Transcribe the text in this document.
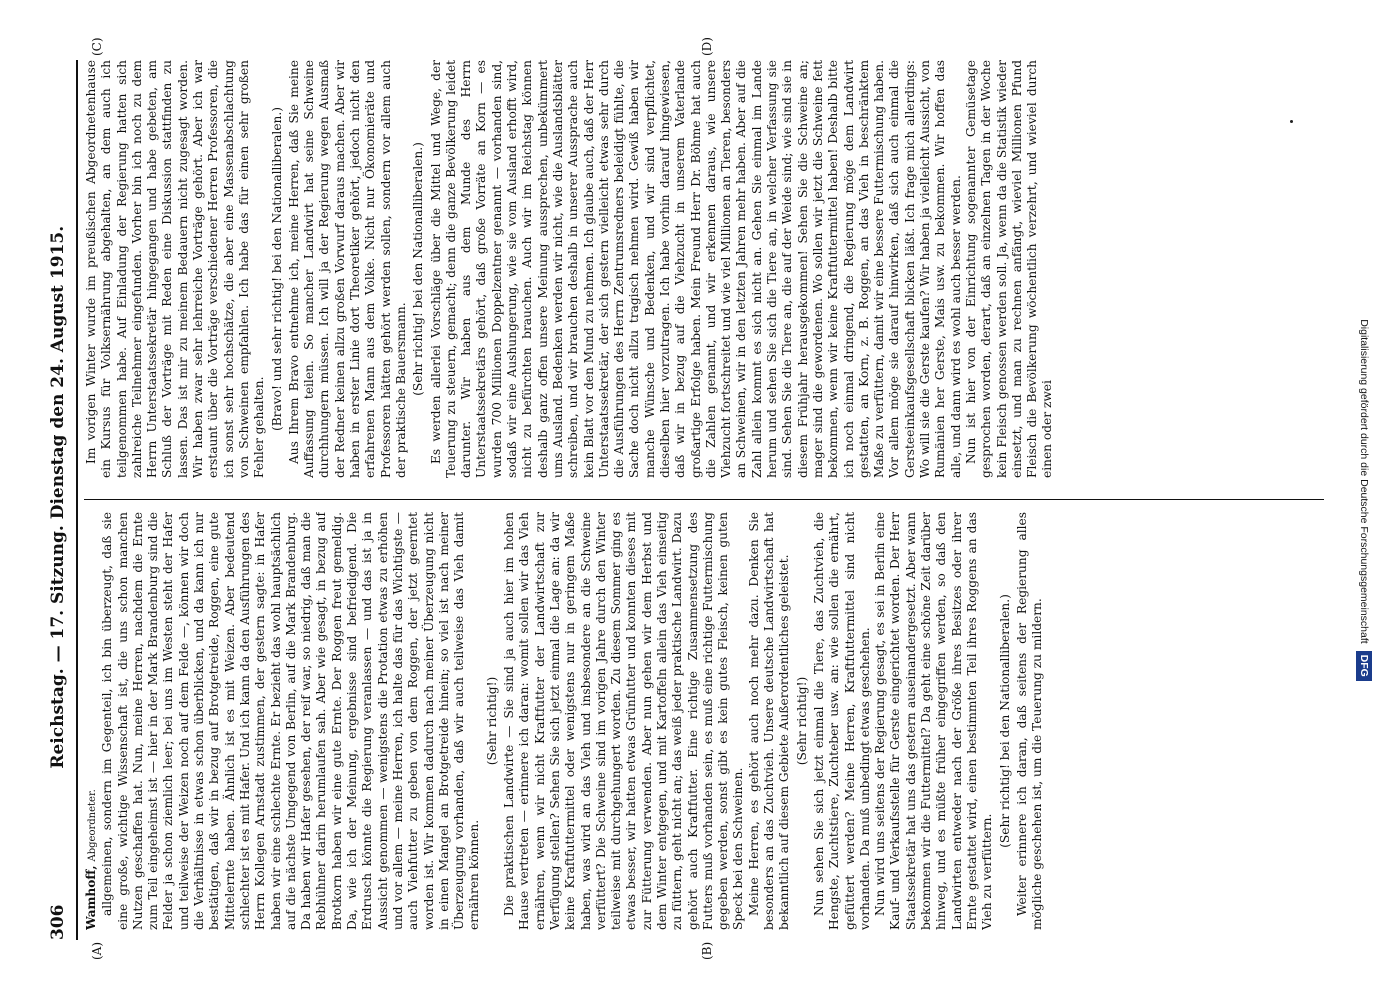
306
Reichstag. — 17. Sitzung. Dienstag den 24. August 1915.
(A)	(B)
(C)	(D)

Wamhoff, Abgeordneter. allgemeinen, sondern im Gegenteil, ich bin überzeugt, daß sie eine große, wichtige Wissenschaft ist, die uns schon manchen Nutzen geschaffen hat. Nun, meine Herren, nachdem die Ernte zum Teil eingeheimst ist — hier in der Mark Brandenburg sind die Felder ja schon ziemlich leer; bei uns im Westen steht der Hafer und teilweise der Weizen noch auf dem Felde —, können wir doch die Verhältnisse in etwas schon überblicken, und da kann ich nur bestätigen, daß wir in bezug auf Brotgetreide, Roggen, eine gute Mittelernte haben. Ähnlich ist es mit Weizen. Aber bedeutend schlechter ist es mit Hafer. Und ich kann da den Ausführungen des Herrn Kollegen Arnstadt zustimmen, der gestern sagte: in Hafer haben wir eine schlechte Ernte. Er bezieht das wohl hauptsächlich auf die nächste Umgegend von Berlin, auf die Mark Brandenburg. Da haben wir Hafer gesehen, der reif war, so niedrig, daß man die Rebhühner darin herumlaufen sah. Aber wie gesagt, in bezug auf Brotkorn haben wir eine gute Ernte. Der Roggen freut gemeldig. Da, wie ich der Meinung, ergebnisse sind befriedigend. Die Erdrusch könnte die Regierung veranlassen — und das ist ja in Aussicht genommen — wenigstens die Protation etwas zu erhöhen und vor allem — meine Herren, ich halte das für das Wichtigste — auch Viehfutter zu geben von dem Roggen, der jetzt geerntet worden ist. Wir kommen dadurch nach meiner Überzeugung nicht in einen Mangel an Brotgetreide hinein; so viel ist nach meiner Überzeugung vorhanden, daß wir auch teilweise das Vieh damit ernähren können.

(Sehr richtig!) Die praktischen Landwirte — Sie sind ja auch hier im hohen Hause vertreten — erinnere ich daran: womit sollen wir das Vieh ernähren, wenn wir nicht Kraftfutter der Landwirtschaft zur Verfügung stellen? Sehen Sie sich jetzt einmal die Lage an: da wir keine Kraftfuttermittel oder wenigstens nur in geringem Maße haben, was wird an das Vieh und insbesondere an die Schweine verfüttert? Die Schweine sind im vorigen Jahre durch den Winter teilweise mit durchgehungert worden. Zu diesem Sommer ging es etwas besser, wir hatten etwas Grünfutter und konnten dieses mit zur Fütterung verwenden. Aber nun gehen wir dem Herbst und dem Winter entgegen, und mit Kartoffeln allein das Vieh einseitig zu füttern, geht nicht an; das weiß jeder praktische Landwirt. Dazu gehört auch Kraftfutter. Eine richtige Zusammensetzung des Futters muß vorhanden sein, es muß eine richtige Futtermischung gegeben werden, sonst gibt es kein gutes Fleisch, keinen guten Speck bei den Schweinen. Meine Herren, es gehört auch noch mehr dazu. Denken Sie besonders an das Zuchtvieh. Unsere deutsche Landwirtschaft hat bekanntlich auf diesem Gebiete Außerordentliches geleistet. (Sehr richtig!) Nun sehen Sie sich jetzt einmal die Tiere, das Zuchtvieh, die Hengste, Zuchtstiere, Zuchteber usw. an: wie sollen die ernährt, gefüttert werden? Meine Herren, Kraftfuttermittel sind nicht vorhanden. Da muß unbedingt etwas geschehen. Nun wird uns seitens der Regierung gesagt, es sei in Berlin eine Kauf- und Verkaufsstelle für Gerste eingerichtet worden. Der Herr Staatssekretär hat uns das gestern auseinandergesetzt. Aber wann bekommen wir die Futtermittel? Da geht eine schöne Zeit darüber hinweg, und es müßte früher eingegriffen werden, so daß den Landwirten entweder nach der Größe ihres Besitzes oder ihrer Ernte gestattet wird, einen bestimmten Teil ihres Roggens an das Vieh zu verfüttern.

(Sehr richtig! bei den Nationalliberalen.) Weiter erinnere ich daran, daß seitens der Regierung alles mögliche geschehen ist, um die Teuerung zu mildern.

Im vorigen Winter wurde im preußischen Abgeordnetenhause ein Kursus für Volksernährung abgehalten, an dem auch ich teilgenommen habe. Auf Einladung der Regierung hatten sich zahlreiche Teilnehmer eingefunden. Vorher bin ich noch zu dem Herrn Unterstaatssekretär hingegangen und habe gebeten, am Schluß der Vorträge mit Reden eine Diskussion stattfinden zu lassen. Das ist mir zu meinem Bedauern nicht zugesagt worden. Wir haben zwar sehr lehrreiche Vorträge gehört. Aber ich war erstaunt über die Vorträge verschiedener Herren Professoren, die ich sonst sehr hochschätze, die aber eine Massenabschlachtung von Schweinen empfahlen. Ich habe das für einen sehr großen Fehler gehalten. (Bravo! und sehr richtig! bei den Nationalliberalen.) Aus Ihrem Bravo entnehme ich, meine Herren, daß Sie meine Auffassung teilen. So mancher Landwirt hat seine Schweine durchhungern müssen. Ich will ja der Regierung wegen Ausmaß der Redner keinen allzu großen Vorwurf daraus machen. Aber wir haben in erster Linie dort Theoretiker gehört, jedoch nicht den erfahrenen Mann aus dem Volke. Nicht nur Ökonomieräte und Professoren hätten gehört werden sollen, sondern vor allem auch der praktische Bauersmann. (Sehr richtig! bei den Nationalliberalen.) Es werden allerlei Vorschläge über die Mittel und Wege, der Teuerung zu steuern, gemacht; denn die ganze Bevölkerung leidet darunter. Wir haben aus dem Munde des Herrn Unterstaatssekretärs gehört, daß große Vorräte an Korn — es wurden 700 Millionen Doppelzentner genannt — vorhanden sind, sodaß wir eine Aushungerung, wie sie vom Ausland erhofft wird, nicht zu befürchten brauchen. Auch wir im Reichstag können deshalb ganz offen unsere Meinung aussprechen, unbekümmert ums Ausland. Bedenken werden wir nicht, wie die Auslandsblätter schreiben, und wir brauchen deshalb in unserer Aussprache auch kein Blatt vor den Mund zu nehmen. Ich glaube auch, daß der Herr Unterstaatssekretär, der sich gestern vielleicht etwas sehr durch die Ausführungen des Herrn Zentrumsredners beleidigt fühlte, die Sache doch nicht allzu tragisch nehmen wird. Gewiß haben wir manche Wünsche und Bedenken, und wir sind verpflichtet, dieselben hier vorzutragen. Ich habe vorhin darauf hingewiesen, daß wir in bezug auf die Viehzucht in unserem Vaterlande großartige Erfolge haben. Mein Freund Herr Dr. Böhme hat auch die Zahlen genannt, und wir erkennen daraus, wie unsere Viehzucht fortschreitet und wie viel Millionen an Tieren, besonders an Schweinen, wir in den letzten Jahren mehr haben. Aber auf die Zahl allein kommt es sich nicht an. Gehen Sie einmal im Lande herum und sehen Sie sich die Tiere an, in welcher Verfassung sie sind. Sehen Sie die Tiere an, die auf der Weide sind; wie sind sie in diesem Frühjahr herausgekommen! Sehen Sie die Schweine an; mager sind die gewordenen. Wo sollen wir jetzt die Schweine fett bekommen, wenn wir keine Kraftfuttermittel haben! Deshalb bitte ich noch einmal dringend, die Regierung möge dem Landwirt gestatten, an Korn, z. B. Roggen, an das Vieh in beschränktem Maße zu verfüttern, damit wir eine bessere Futtermischung haben. Vor allem möge sie darauf hinwirken, daß sich auch einmal die Gersteeinkaufsgesellschaft blicken läßt. Ich frage mich allerdings: Wo will sie die Gerste kaufen? Wir haben ja vielleicht Aussicht, von Rumänien her Gerste, Mais usw. zu bekommen. Wir hoffen das alle, und dann wird es wohl auch besser werden. Nun ist hier von der Einrichtung sogenannter Gemüsetage gesprochen worden, derart, daß an einzelnen Tagen in der Woche kein Fleisch genossen werden soll. Ja, wenn da die Statistik wieder einsetzt, und man zu rechnen anfängt, wieviel Millionen Pfund Fleisch die Bevölkerung wöchentlich verzehrt, und wieviel durch einen oder zwei	Digitalisierung gefördert durch die Deutsche Forschungsgemeinschaft DFG
